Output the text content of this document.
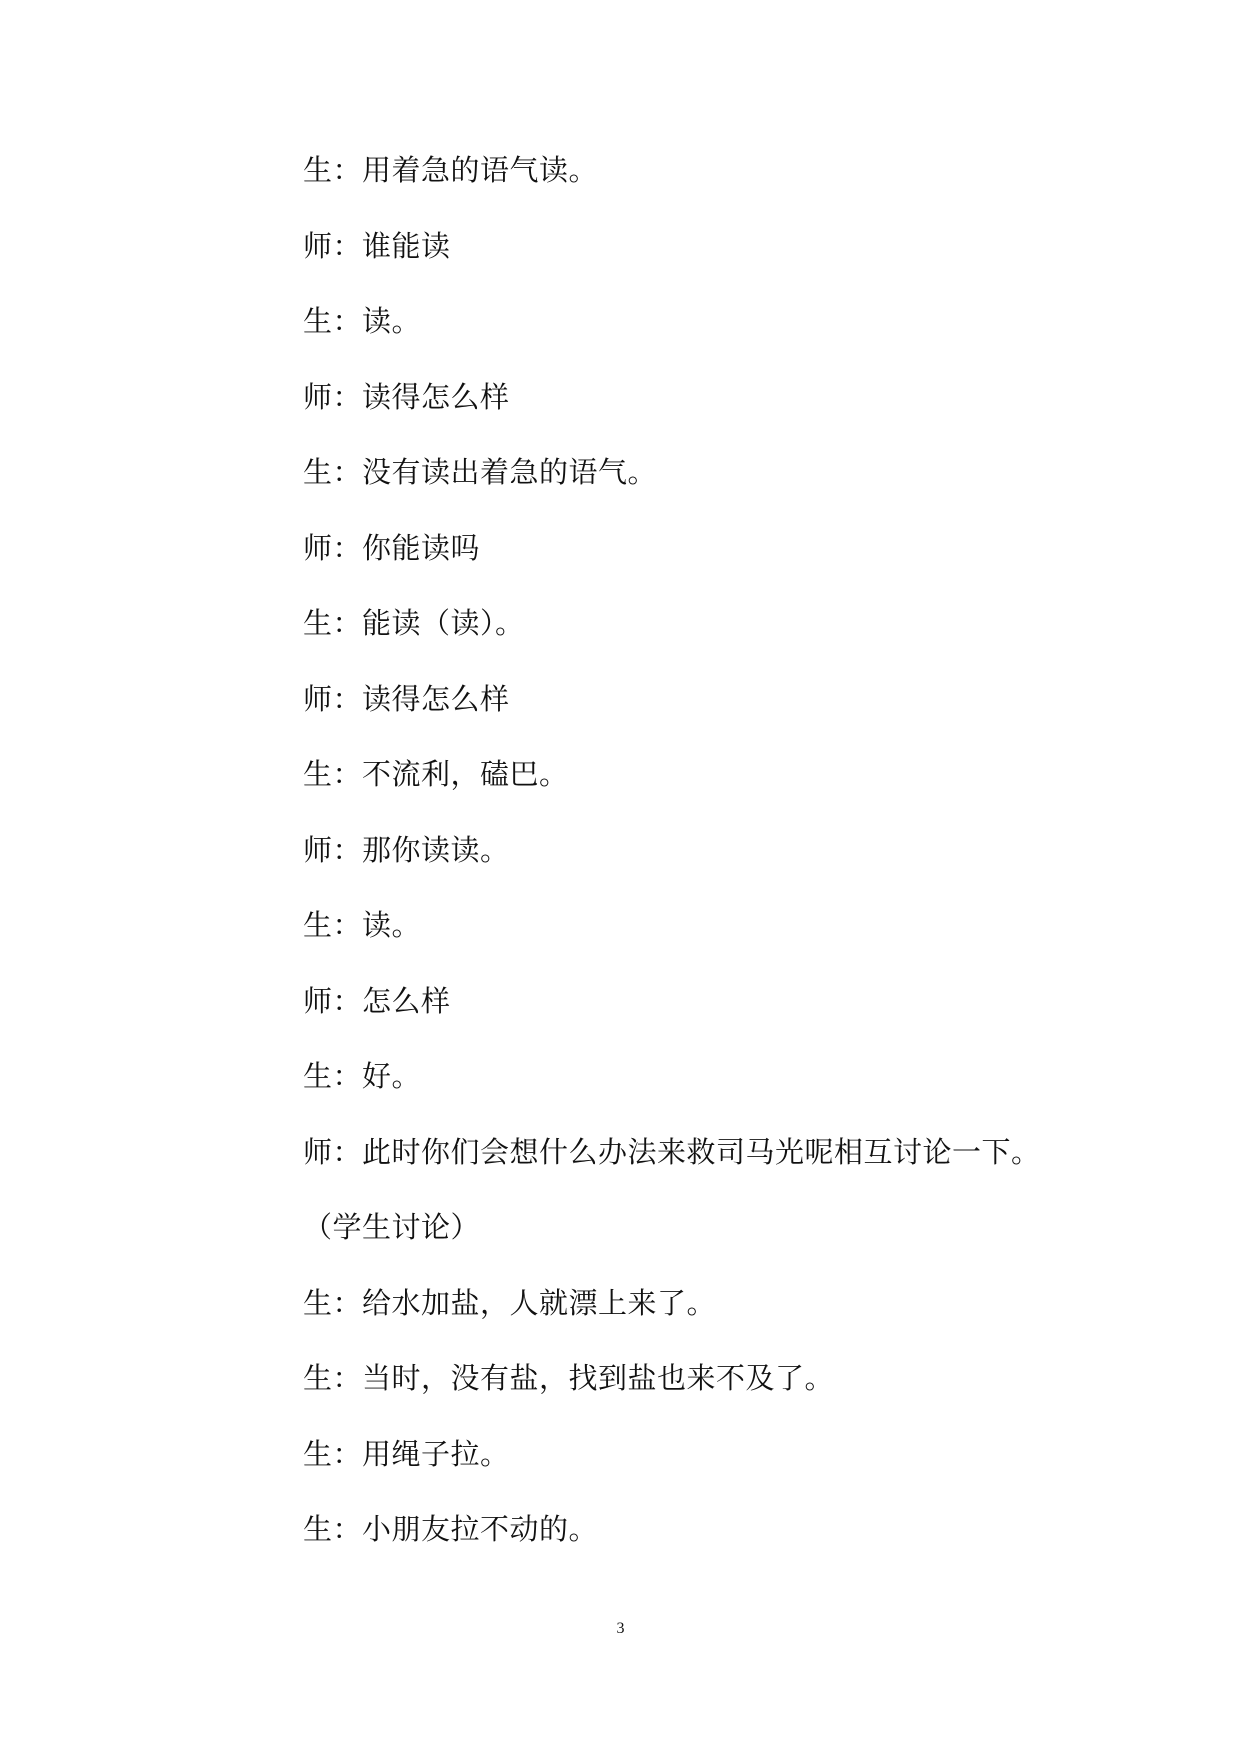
生：用着急的语气读。
师：谁能读
生：读。
师：读得怎么样
生：没有读出着急的语气。
师：你能读吗
生：能读（读）。
师：读得怎么样
生：不流利，磕巴。
师：那你读读。
生：读。
师：怎么样
生：好。
师：此时你们会想什么办法来救司马光呢相互讨论一下。
（学生讨论）
生：给水加盐，人就漂上来了。
生：当时，没有盐，找到盐也来不及了。
生：用绳子拉。
生：小朋友拉不动的。
3
